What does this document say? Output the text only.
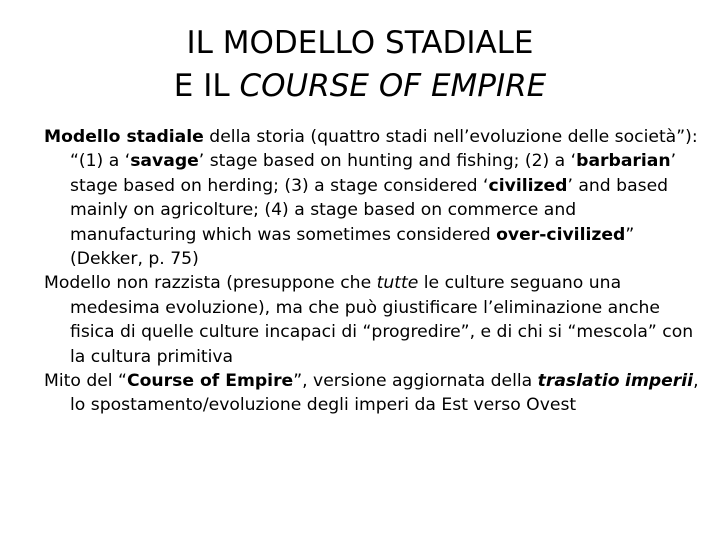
IL MODELLO STADIALE
E IL COURSE OF EMPIRE

Modello stadiale della storia (quattro stadi nell’evoluzione delle società”): “(1) a ‘savage’ stage based on hunting and fishing; (2) a ‘barbarian’ stage based on herding; (3) a stage considered ‘civilized’ and based mainly on agricolture; (4) a stage based on commerce and manufacturing which was sometimes considered over-civilized” (Dekker, p. 75)

Modello non razzista (presuppone che tutte le culture seguano una medesima evoluzione), ma che può giustificare l’eliminazione anche fisica di quelle culture incapaci di “progredire”, e di chi si “mescola” con la cultura primitiva

Mito del “Course of Empire”, versione aggiornata della traslatio imperii, lo spostamento/evoluzione degli imperi da Est verso Ovest
